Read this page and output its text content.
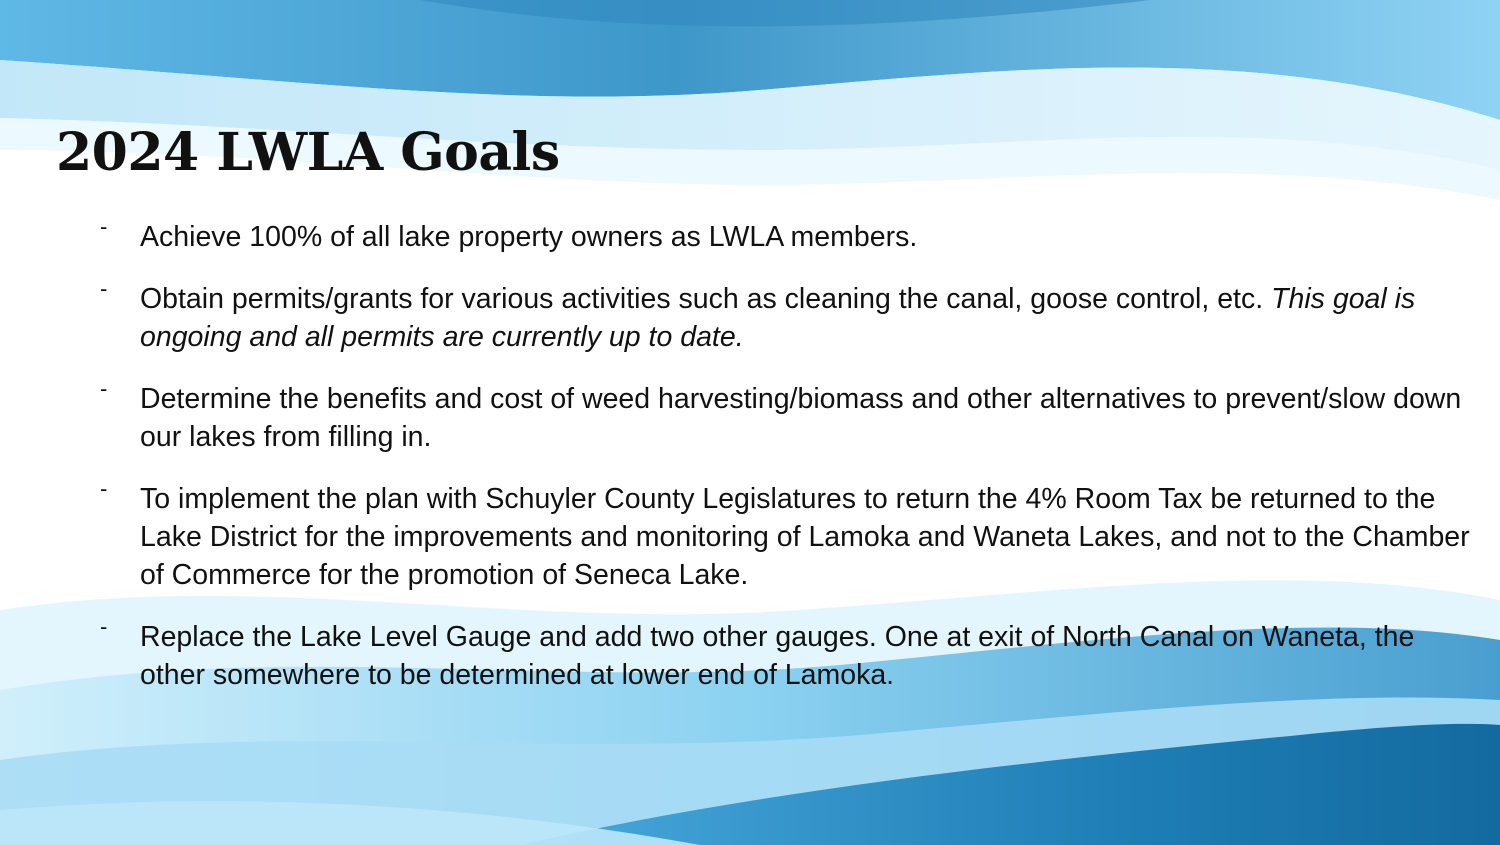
2024 LWLA Goals
-	Achieve 100% of all lake property owners as LWLA members.
-	Obtain permits/grants for various activities such as cleaning the canal, goose control, etc. This goal is ongoing and all permits are currently up to date.
-	Determine the benefits and cost of weed harvesting/biomass and other alternatives to prevent/slow down our lakes from filling in.
-	To implement the plan with Schuyler County Legislatures to return the 4% Room Tax be returned to the Lake District for the improvements and monitoring of Lamoka and Waneta Lakes, and not to the Chamber of Commerce for the promotion of Seneca Lake.
-	Replace the Lake Level Gauge and add two other gauges. One at exit of North Canal on Waneta, the other somewhere to be determined at lower end of Lamoka.
